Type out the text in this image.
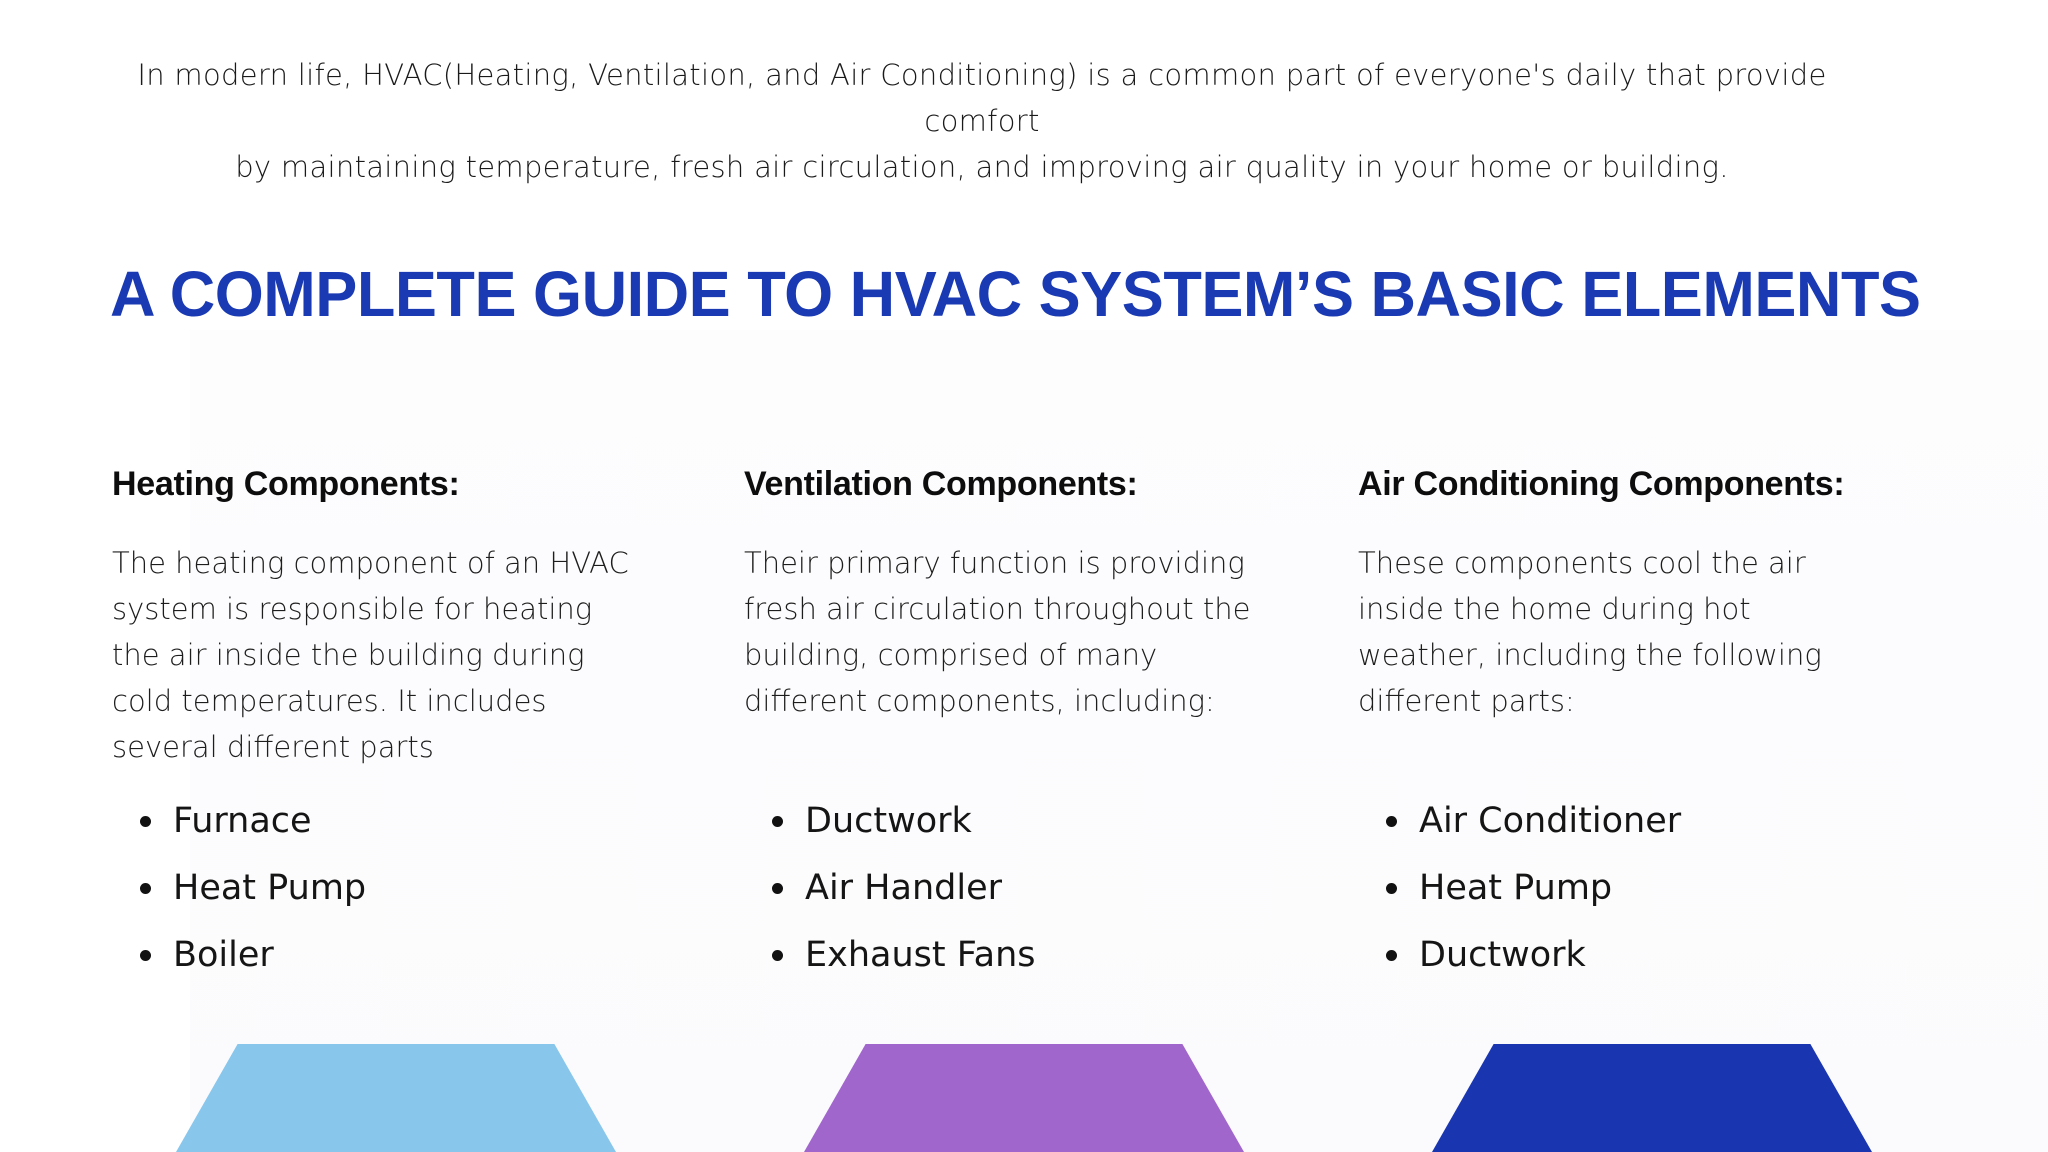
In modern life, HVAC(Heating, Ventilation, and Air Conditioning) is a common part of everyone's daily that provide comfort
by maintaining temperature, fresh air circulation, and improving air quality in your home or building.
A COMPLETE GUIDE TO HVAC SYSTEM’S BASIC ELEMENTS
Heating Components:

The heating component of an HVAC system is responsible for heating the air inside the building during cold temperatures. It includes several different parts

Furnace
Heat Pump
Boiler
Ventilation Components:

Their primary function is providing fresh air circulation throughout the building, comprised of many different components, including:

Ductwork
Air Handler
Exhaust Fans
Air Conditioning Components:

These components cool the air inside the home during hot weather, including the following different parts:

Air Conditioner
Heat Pump
Ductwork
